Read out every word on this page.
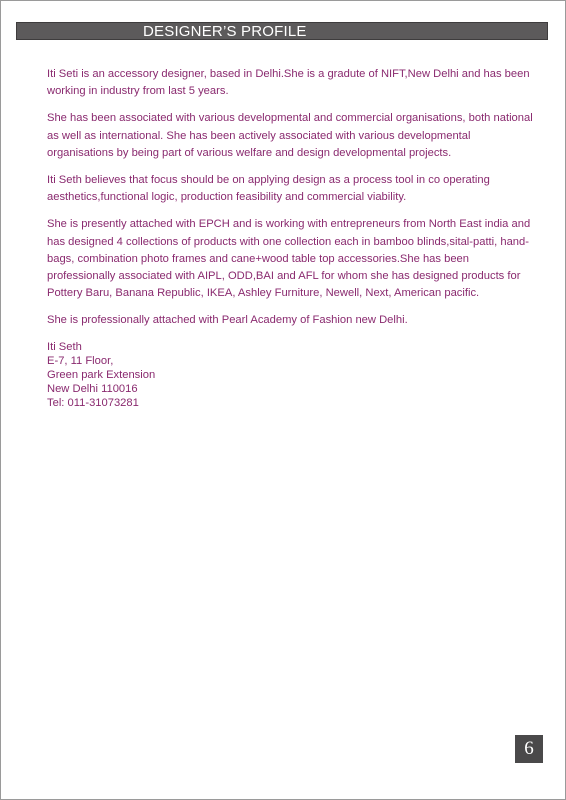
DESIGNER’S PROFILE

Iti Seti is an accessory designer, based in Delhi.She is a gradute of NIFT,New Delhi and has been working in industry from last 5 years.

She has been associated with various developmental and commercial organisations, both national as well as international. She has been actively associated with various developmental organisations by being part of various welfare and design developmental projects.

Iti Seth believes that focus should be on applying design as a process tool in co operating aesthetics,functional logic, production feasibility and commercial viability.

She is presently attached with EPCH and is working with entrepreneurs from North East india and has designed 4 collections of products with one collection each in bamboo blinds,sital-patti, hand-bags, combination photo frames and cane+wood table top accessories.She has been professionally associated with AIPL, ODD,BAI and AFL for whom she has designed products for Pottery Baru, Banana Republic, IKEA, Ashley Furniture, Newell, Next, American pacific.

She is professionally attached with Pearl Academy of Fashion new Delhi.

Iti Seth
E-7, 11 Floor,
Green park Extension
New Delhi 110016
Tel: 011-31073281
6
